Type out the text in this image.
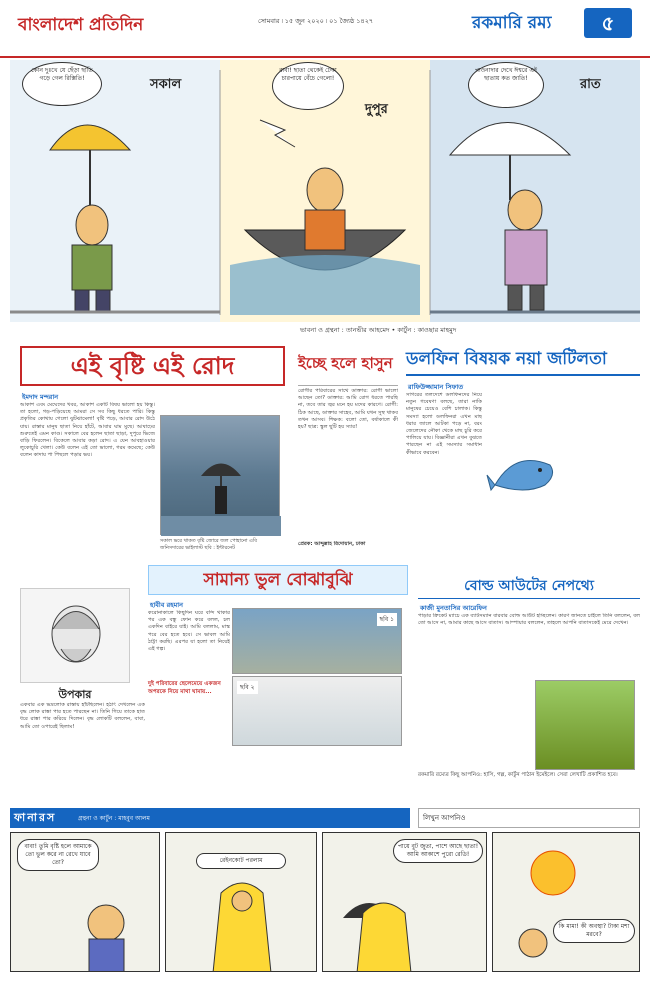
বাংলাদেশ প্রতিদিন	সোমবার ৷ ১৫ জুন ২০২০ ৷ ০১ জ্যৈষ্ঠ ১৪২৭	রকমারি রম্য	৫
সকাল
দুপুর
রাত
কোন দুঃখে যে ছেঁড়া ছাতি গড়ে গেল রিক্সিতি!
বাবা! ছাতা থেকেই টেকা চারপায়ে বেঁচে গেলো!
পাওনাদার দেখে ঈশ্বরে এই ছাতায় কত জাতি!
ভাবনা ও গ্রন্থনা : তানভীর আহমেদ • কার্টুন : কাওছার মাহমুদ
এই বৃষ্টি এই রোদ
ইমদাদ মন্দরান
আকাশ এবং মেঘেদের খবর, আকাশ একটি বিষয় ভালো হয় কিন্তু। তা হলো, গড়-পড়িয়েছে আমরা সে সব কিছু ধরতে পারি। কিন্তু প্রকৃতির কোথায় গেলো ঝুটঝামেলা! বৃষ্টি পড়ে, আবার রোদ উঠে যায়। রাস্তার মানুষ ছাতা নিয়ে হাঁটে, আবার ঘাম মুছে। আষাঢ়ের শুরুতেই এমন কাণ্ড। সকালে বের হলেন ছাতা ছাড়া, দুপুরে ভিজে বাড়ি ফিরলেন। বিকেলে আবার কড়া রোদ। এ যেন আবহাওয়ার লুকোচুরি খেলা। কেউ বলেন এই তো ভালো, গরম কমেছে; কেউ বলেন কাদায় পা পিছলে পড়ার ভয়।
সকাল ভরে থাকত বৃষ্টি জোরে জল পোহানো এবি জনিসদারের ভাইলাস্ট ছবি : ইন্টারনেট
ইচ্ছে হলে হাসুন
রোগীর পরিবারের সাথে ডাক্তার: রোগী ভালো আছেন তো? ডাক্তার: আমি রোগ ধরতে পারছি না, তবে তার জ্বর মনে হয় মদের কারণে। রোগী: ঠিক আছে, ডাক্তার সাহেব, আমি যখন সুস্থ থাকব তখন আসব। শিক্ষক: বলো তো, বর্ষাকালে কী হয়? ছাত্র: স্কুল ছুটি হয় স্যার!
প্রেরক: আব্দুল্লাহ রিদোয়ান, ঢাকা
ডলফিন বিষয়ক নয়া জটিলতা
রাফিউজ্জামান সিফাত
সাগরের তলদেশে ডলফিনদের নিয়ে নতুন গবেষণা বলছে, তারা নাকি মানুষের চেয়েও বেশি চালাক। কিন্তু সমস্যা হলো ডলফিনরা এখন মাছ ধরার জালে আটকা পড়ে না, বরং জেলেদের নৌকা থেকে মাছ চুরি করে পালিয়ে যায়। বিজ্ঞানীরা এখন বুঝতে পারছেন না এই সমস্যার সমাধান কীভাবে করবেন।
সামান্য ভুল বোঝাবুঝি
হাবীব রহমান
করোনাকালে কিছুদিন ঘরে বন্দি থাকার পর এক বন্ধু ফোন করে বলল, চল একদিন বাইরে যাই। আমি বললাম, মাস্ক পরে বের হতে হবে। সে ভাবল আমি ঠাট্টা করছি। এরপর যা হলো তা নিয়েই এই গল্প।
দুই পরিবারের ছেলেমেয়ে একজন অপরকে নিয়ে মাথা ঘামায়...
ছবি ১
ছবি ২
উপকার
একবার এক ভদ্রলোক রাস্তায় হাঁটছিলেন। হঠাৎ দেখলেন এক বৃদ্ধ লোক রাস্তা পার হতে পারছেন না। তিনি গিয়ে তাকে হাত ধরে রাস্তা পার করিয়ে দিলেন। বৃদ্ধ লোকটি বললেন, বাবা, আমি তো ওপারেই ছিলাম!
বোল্ড আউটের নেপথ্যে
কাজী মুনতাসির আরেফিন
পাড়ার ক্রিকেট ম্যাচে এক ব্যাটসম্যান বারবার বোল্ড আউট হচ্ছিলেন। কারণ জানতে চাইলে তিনি বললেন, বল তো আসে না, আমার কাছে আসে বাতাস। আম্পায়ার বললেন, তাহলে আপনি বাতাসকেই মেরে দেখেন।
রকমারি রম্যের কিছু আপনিও: হাসি, গল্প, কার্টুন পাঠান ইমেইলে। সেরা লেখাটি প্রকাশিত হবে।
ফানারস	গ্রন্থনা ও কার্টুন : মাহবুব আলম	লিখুন আপনিও
বাবা! তুমি বৃষ্টি হলে আমাকে তো ভুল করে না রেখে যাবে তো?	রেইনকোট পরলাম
পায়ে বুট জুতা, পাশে আছে ছাতা! আমি আকাশে পুরো রেডি!
কি মামা! কী অবস্থা? টাকা মশা মরবে?
